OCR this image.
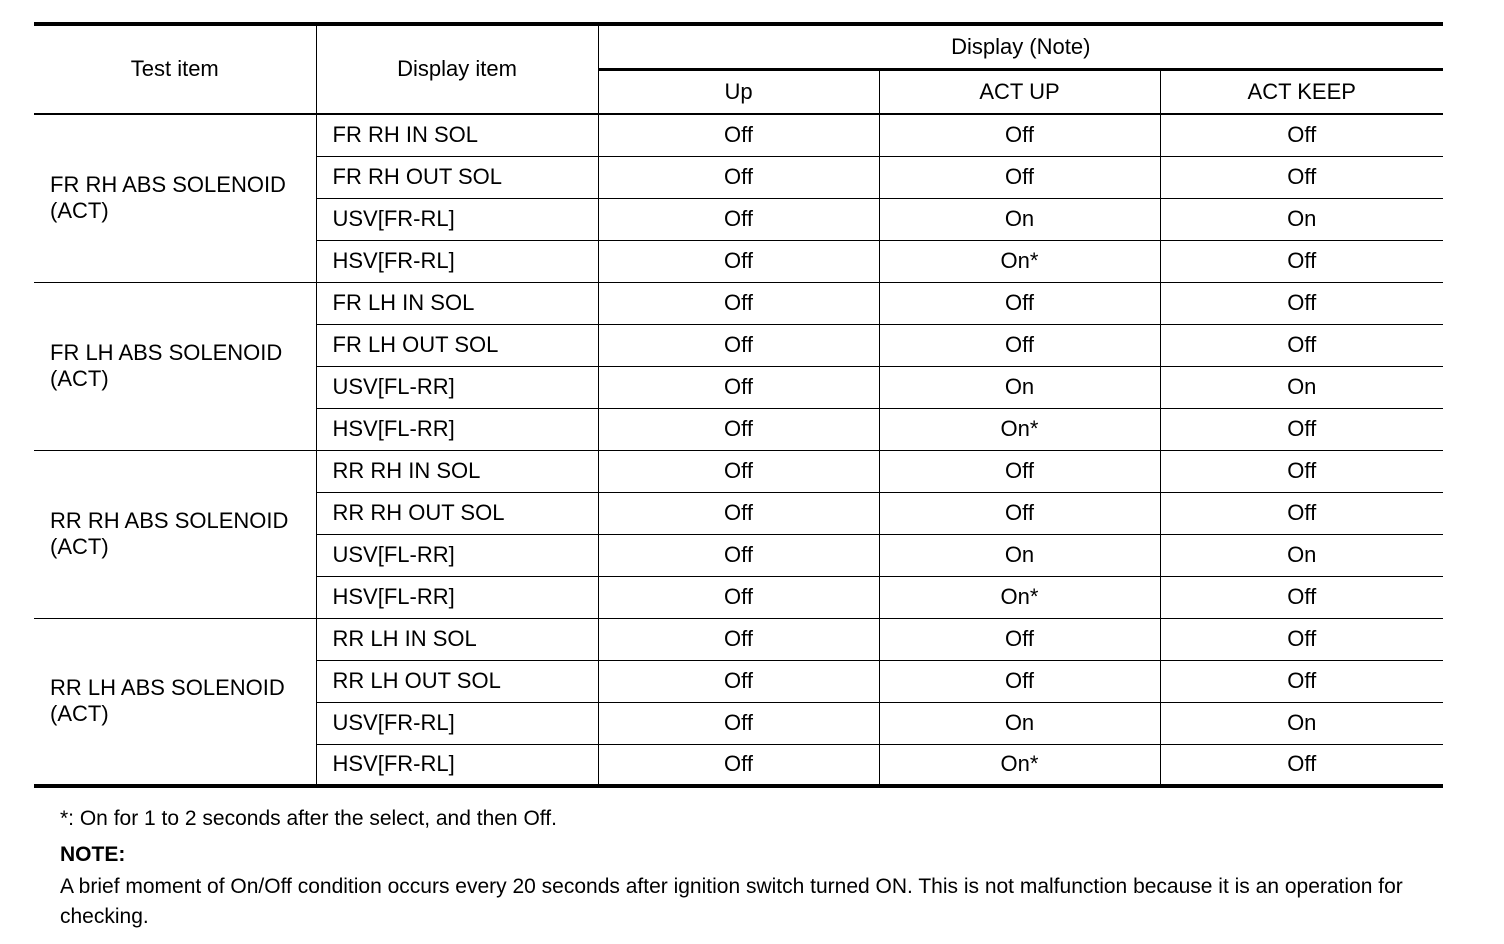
Test item	Display item	Display (Note)		
		Up	ACT UP	ACT KEEP

FR RH ABS SOLENOID
(ACT)	FR RH IN SOL	Off	Off	Off
	FR RH OUT SOL	Off	Off	Off
	USV[FR-RL]	Off	On	On
	HSV[FR-RL]	Off	On*	Off

FR LH ABS SOLENOID
(ACT)	FR LH IN SOL	Off	Off	Off
	FR LH OUT SOL	Off	Off	Off
	USV[FL-RR]	Off	On	On
	HSV[FL-RR]	Off	On*	Off

RR RH ABS SOLENOID
(ACT)	RR RH IN SOL	Off	Off	Off
	RR RH OUT SOL	Off	Off	Off
	USV[FL-RR]	Off	On	On
	HSV[FL-RR]	Off	On*	Off

RR LH ABS SOLENOID
(ACT)	RR LH IN SOL	Off	Off	Off
	RR LH OUT SOL	Off	Off	Off
	USV[FR-RL]	Off	On	On
	HSV[FR-RL]	Off	On*	Off

*: On for 1 to 2 seconds after the select, and then Off.

NOTE:

A brief moment of On/Off condition occurs every 20 seconds after ignition switch turned ON. This is not malfunction because it is an operation for checking.
